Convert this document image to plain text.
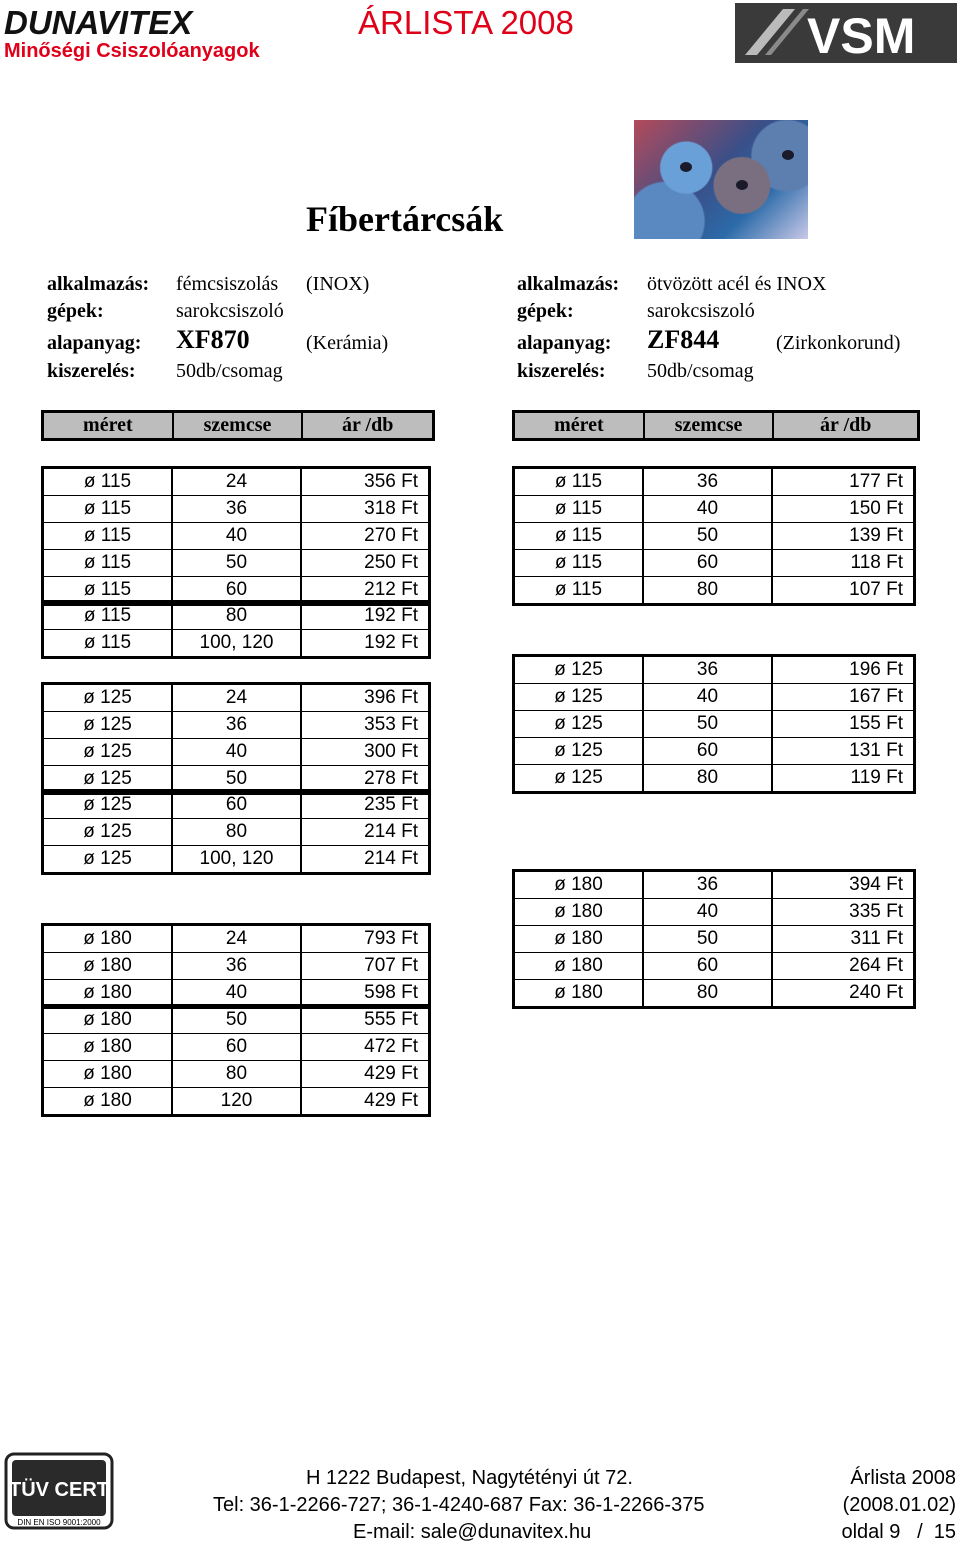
DUNAVITEX
Minőségi Csiszolóanyagok
ÁRLISTA 2008	VSM
Fíbertárcsák
alkalmazás: fémcsiszolás (INOX)
gépek:	sarokcsiszoló
alapanyag: XF870	(Kerámia)
kiszerelés: 50db/csomag
alkalmazás: ötvözött acél és INOX
gépek:	sarokcsiszoló
alapanyag: ZF844	(Zirkonkorund)
kiszerelés: 50db/csomag
méret	szemcse	ár /db	méret	szemcse	ár /db
ø 115	24	356 Ft
ø 115	36	318 Ft
ø 115	40	270 Ft
ø 115	50	250 Ft
ø 115	60	212 Ft
ø 115	80	192 Ft
ø 115	100, 120	192 Ft
ø 125	24	396 Ft
ø 125	36	353 Ft
ø 125	40	300 Ft
ø 125	50	278 Ft
ø 125	60	235 Ft
ø 125	80	214 Ft
ø 125	100, 120	214 Ft
ø 180	24	793 Ft
ø 180	36	707 Ft
ø 180	40	598 Ft
ø 180	50	555 Ft
ø 180	60	472 Ft
ø 180	80	429 Ft
ø 180	120	429 Ft
ø 115	36	177 Ft
ø 115	40	150 Ft
ø 115	50	139 Ft
ø 115	60	118 Ft
ø 115	80	107 Ft
ø 125	36	196 Ft
ø 125	40	167 Ft
ø 125	50	155 Ft
ø 125	60	131 Ft
ø 125	80	119 Ft
ø 180	36	394 Ft
ø 180	40	335 Ft
ø 180	50	311 Ft
ø 180	60	264 Ft
ø 180	80	240 Ft
TÜV CERT
DIN EN ISO 9001:2000
H 1222 Budapest, Nagytétényi út 72.
Tel: 36-1-2266-727; 36-1-4240-687 Fax: 36-1-2266-375
E-mail: sale@dunavitex.hu
Árlista 2008
(2008.01.02)
oldal 9   /  15
